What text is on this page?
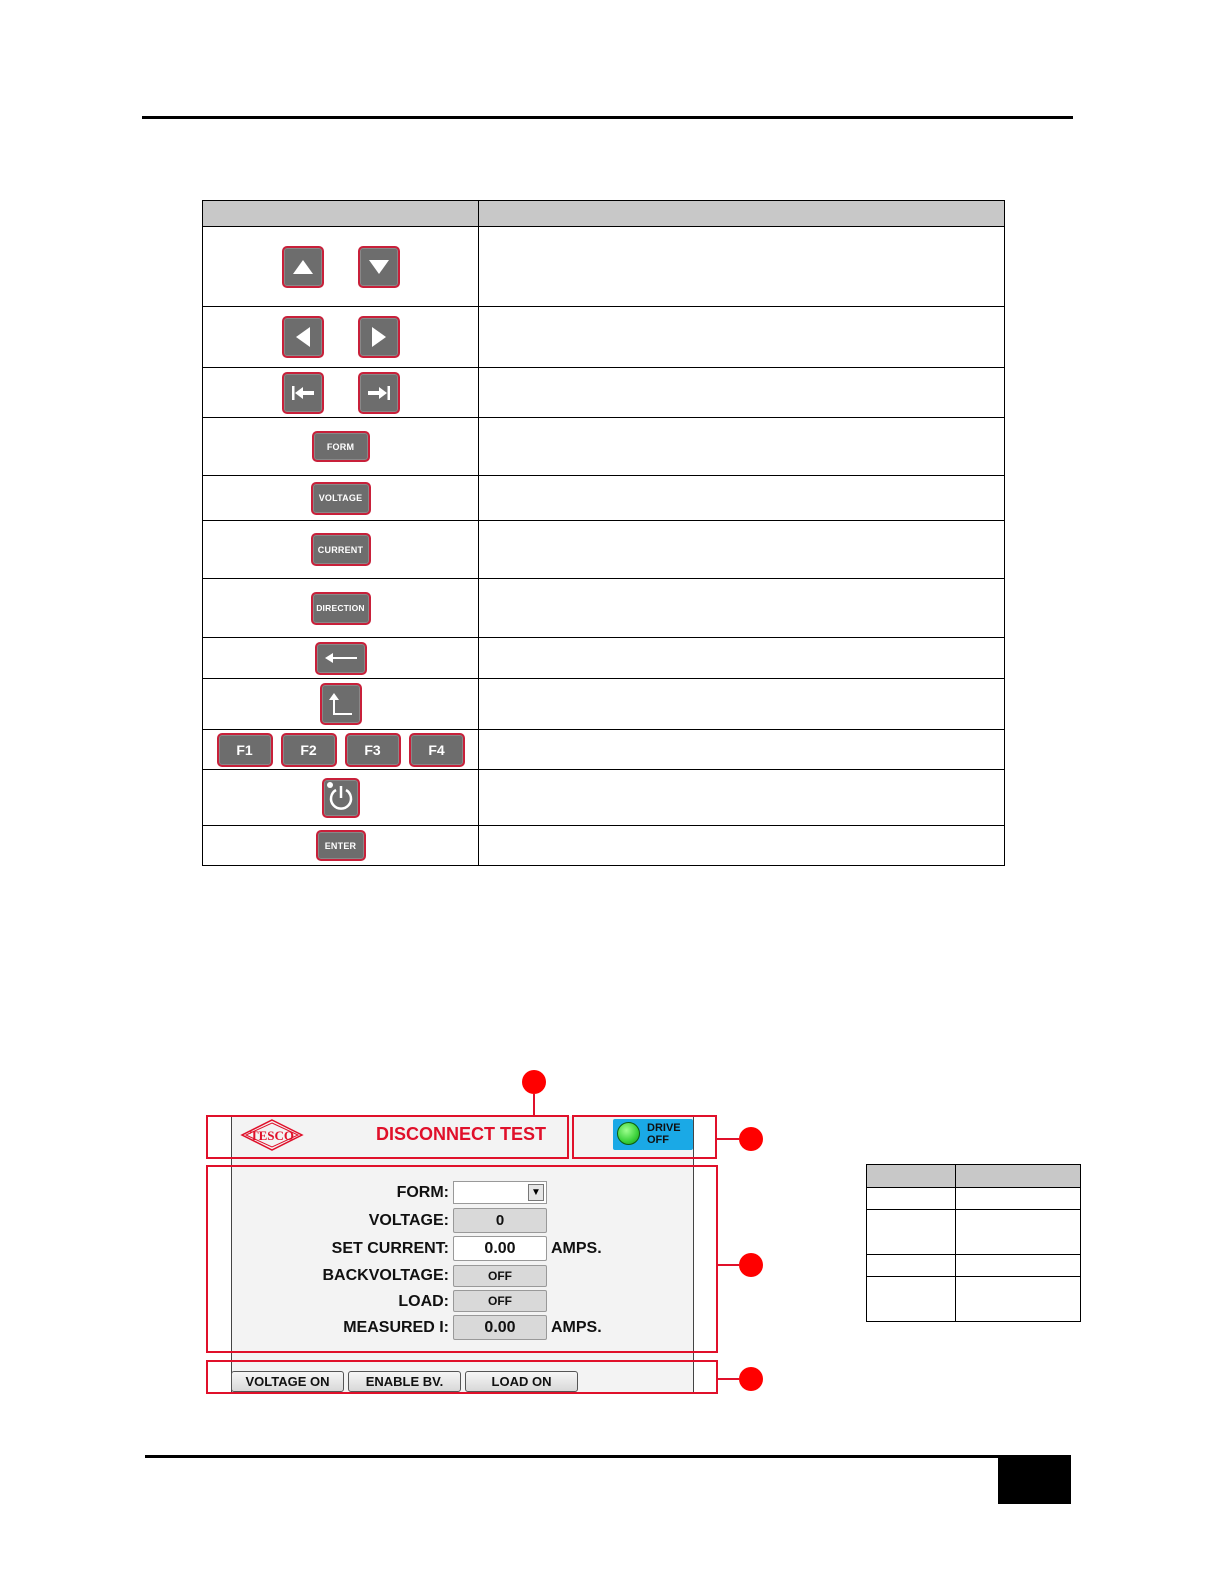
FORM	

VOLTAGE	

CURRENT	

DIRECTION	

F1 F2 F3 F4	

ENTER	

TESCO	DISCONNECT TEST	DRIVE
OFF
FORM:	▼
VOLTAGE:	0
SET CURRENT:	0.00	AMPS.
BACKVOLTAGE:	OFF
LOAD:	OFF
MEASURED I:	0.00	AMPS.
VOLTAGE ON	ENABLE BV.	LOAD ON
